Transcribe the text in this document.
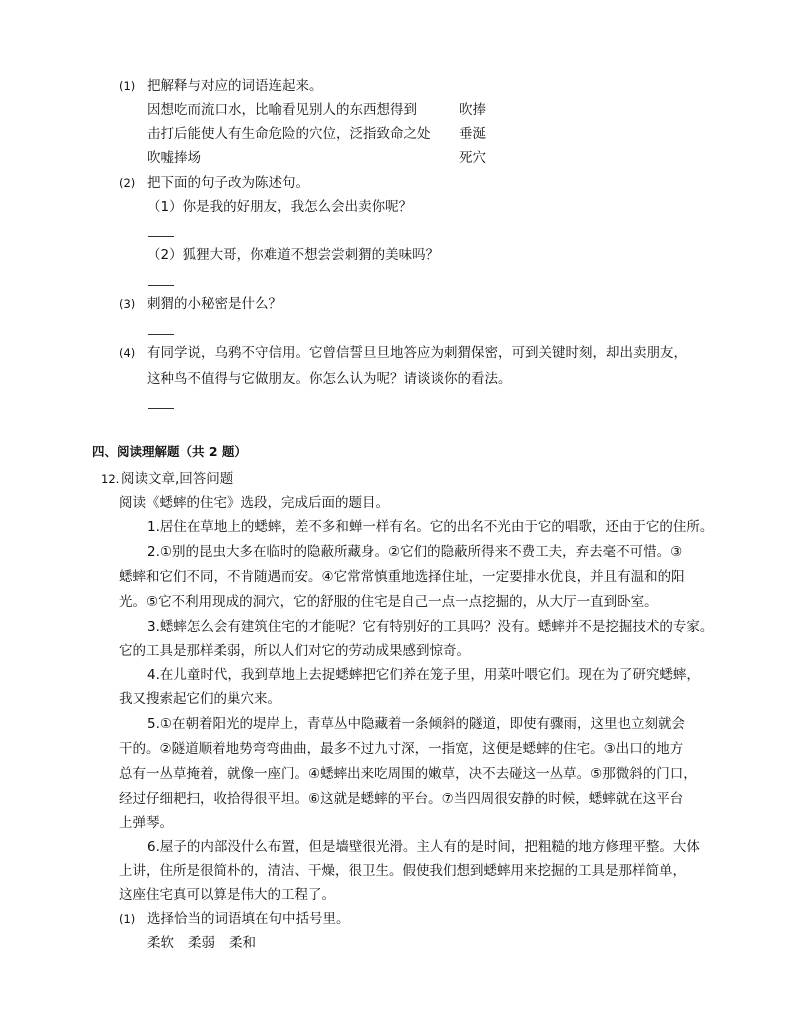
(1) 把解释与对应的词语连起来。
因想吃而流口水，比喻看见别人的东西想得到
击打后能使人有生命危险的穴位，泛指致命之处
吹嘘捧场
吹捧
垂涎
死穴
(2) 把下面的句子改为陈述句。
（1）你是我的好朋友，我怎么会出卖你呢？
（2）狐狸大哥，你难道不想尝尝刺猬的美味吗？
(3) 刺猬的小秘密是什么？
(4) 有同学说，乌鸦不守信用。它曾信誓旦旦地答应为刺猬保密，可到关键时刻，却出卖朋友，
这种鸟不值得与它做朋友。你怎么认为呢？请谈谈你的看法。
四、阅读理解题（共 2 题）
12. 阅读文章,回答问题
阅读《蟋蟀的住宅》选段，完成后面的题目。
1.居住在草地上的蟋蟀，差不多和蝉一样有名。它的出名不光由于它的唱歌，还由于它的住所。
2.①别的昆虫大多在临时的隐蔽所藏身。②它们的隐蔽所得来不费工夫，弃去毫不可惜。③
蟋蟀和它们不同，不肯随遇而安。④它常常慎重地选择住址，一定要排水优良，并且有温和的阳
光。⑤它不利用现成的洞穴，它的舒服的住宅是自己一点一点挖掘的，从大厅一直到卧室。
3.蟋蟀怎么会有建筑住宅的才能呢？它有特别好的工具吗？没有。蟋蟀并不是挖掘技术的专家。
它的工具是那样柔弱，所以人们对它的劳动成果感到惊奇。
4.在儿童时代，我到草地上去捉蟋蟀把它们养在笼子里，用菜叶喂它们。现在为了研究蟋蟀，
我又搜索起它们的巢穴来。
5.①在朝着阳光的堤岸上，青草丛中隐藏着一条倾斜的隧道，即使有骤雨，这里也立刻就会
干的。②隧道顺着地势弯弯曲曲，最多不过九寸深，一指宽，这便是蟋蟀的住宅。③出口的地方
总有一丛草掩着，就像一座门。④蟋蟀出来吃周围的嫩草，决不去碰这一丛草。⑤那微斜的门口，
经过仔细耙扫，收拾得很平坦。⑥这就是蟋蟀的平台。⑦当四周很安静的时候，蟋蟀就在这平台
上弹琴。
6.屋子的内部没什么布置，但是墙壁很光滑。主人有的是时间，把粗糙的地方修理平整。大体
上讲，住所是很简朴的，清洁、干燥，很卫生。假使我们想到蟋蟀用来挖掘的工具是那样简单，
这座住宅真可以算是伟大的工程了。
(1) 选择恰当的词语填在句中括号里。
柔软 柔弱 柔和
